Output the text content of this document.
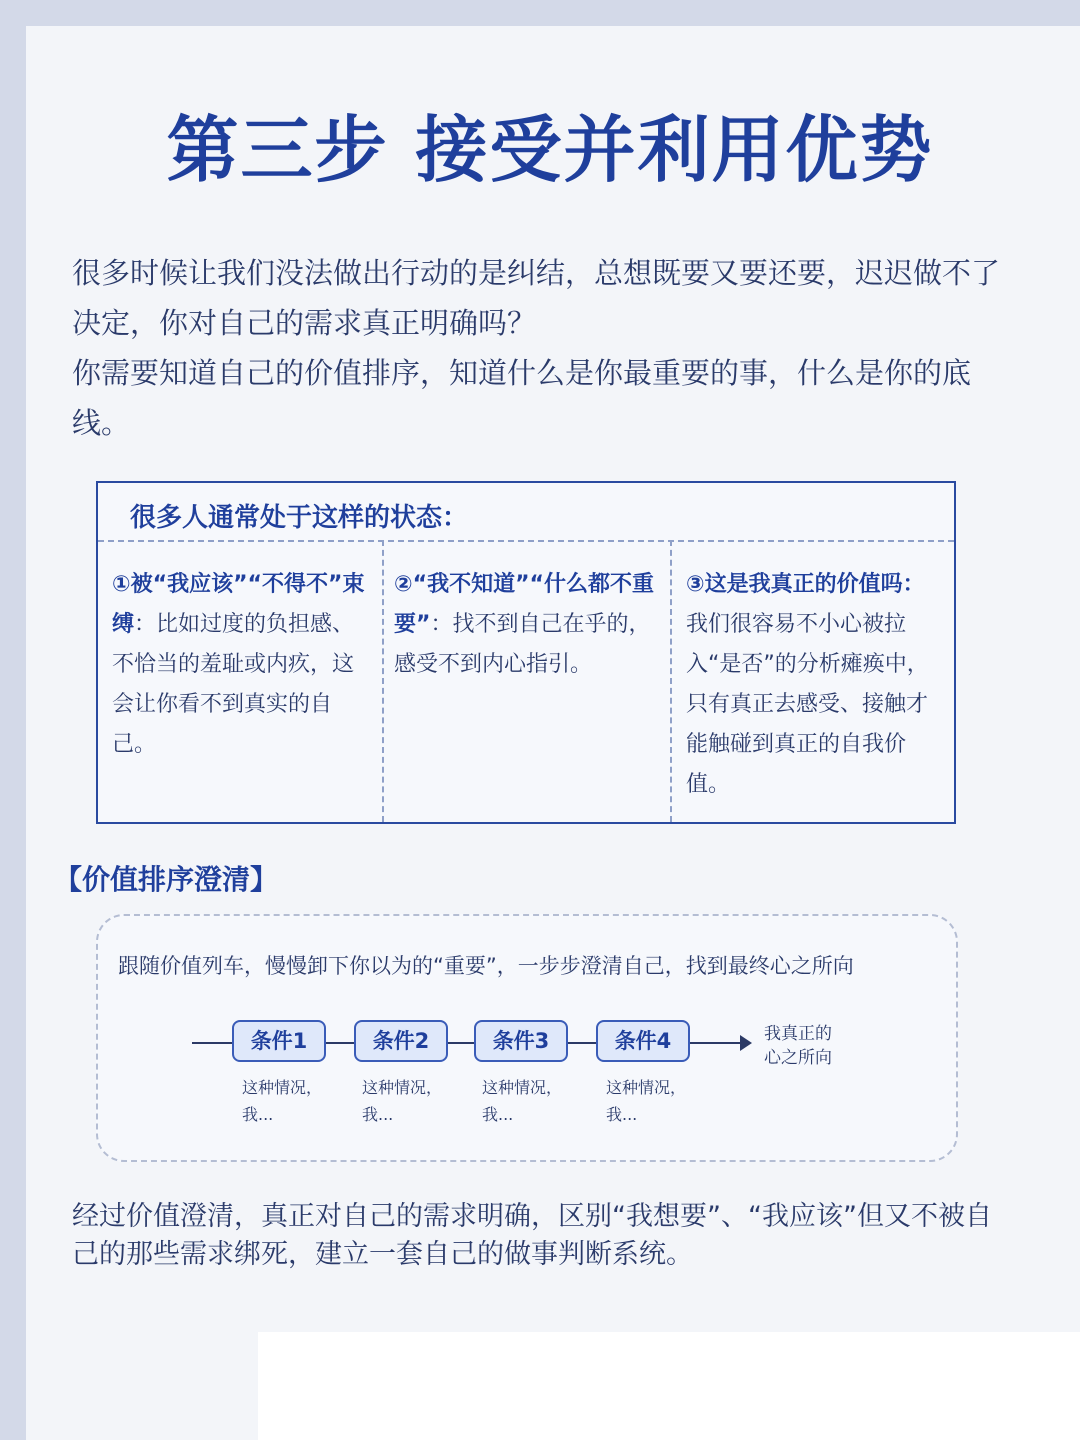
第三步 接受并利用优势

很多时候让我们没法做出行动的是纠结，总想既要又要还要，迟迟做不了决定，你对自己的需求真正明确吗？

你需要知道自己的价值排序，知道什么是你最重要的事，什么是你的底线。

很多人通常处于这样的状态：
①被“我应该”“不得不”束缚：比如过度的负担感、不恰当的羞耻或内疚，这会让你看不到真实的自己。
②“我不知道”“什么都不重要”：找不到自己在乎的，感受不到内心指引。
③这是我真正的价值吗：我们很容易不小心被拉入“是否”的分析瘫痪中，只有真正去感受、接触才能触碰到真正的自我价值。
【价值排序澄清】
跟随价值列车，慢慢卸下你以为的“重要”，一步步澄清自己，找到最终心之所向
条件1	条件2	条件3	条件4
这种情况，
我...
这种情况，
我...
这种情况，
我...
这种情况，
我...
我真正的
心之所向
经过价值澄清，真正对自己的需求明确，区别“我想要”、“我应该”但又不被自己的那些需求绑死，建立一套自己的做事判断系统。
